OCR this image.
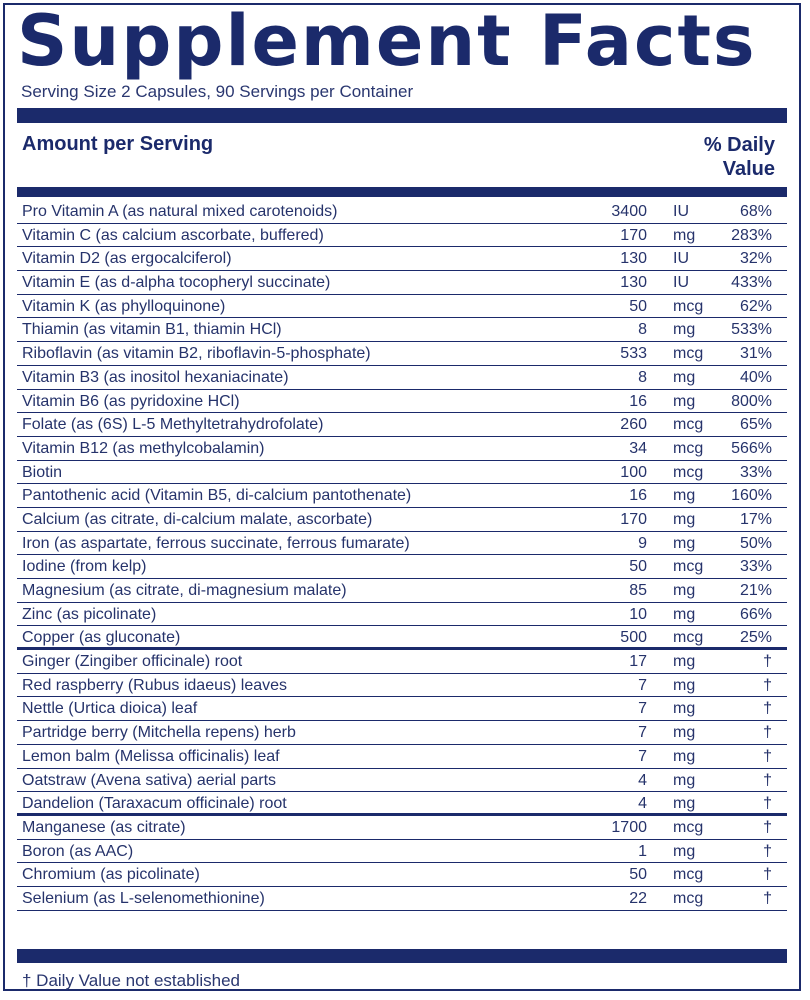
Supplement Facts
Serving Size 2 Capsules, 90 Servings per Container
Amount per Serving	% Daily
Value
Pro Vitamin A (as natural mixed carotenoids)	3400 IU	68%
Vitamin C (as calcium ascorbate, buffered)	170 mg 283%
Vitamin D2 (as ergocalciferol)	130 IU	32%
Vitamin E (as d-alpha tocopheryl succinate)	130 IU	433%
Vitamin K (as phylloquinone)	50 mcg 62%
Thiamin (as vitamin B1, thiamin HCl)	8 mg 533%
Riboflavin (as vitamin B2, riboflavin-5-phosphate)	533 mcg 31%
Vitamin B3 (as inositol hexaniacinate)	8 mg	40%
Vitamin B6 (as pyridoxine HCl)	16 mg 800%
Folate (as (6S) L-5 Methyltetrahydrofolate)	260 mcg 65%
Vitamin B12 (as methylcobalamin)	34 mcg 566%
Biotin	100 mcg 33%
Pantothenic acid (Vitamin B5, di-calcium pantothenate)	16 mg 160%
Calcium (as citrate, di-calcium malate, ascorbate)	170 mg	17%
Iron (as aspartate, ferrous succinate, ferrous fumarate)	9 mg	50%
Iodine (from kelp)	50 mcg 33%
Magnesium (as citrate, di-magnesium malate)	85 mg	21%
Zinc (as picolinate)	10 mg	66%
Copper (as gluconate)	500 mcg 25%
Ginger (Zingiber officinale) root	17 mg	†
Red raspberry (Rubus idaeus) leaves	7 mg	†
Nettle (Urtica dioica) leaf	7 mg	†
Partridge berry (Mitchella repens) herb	7 mg	†
Lemon balm (Melissa officinalis) leaf	7 mg	†
Oatstraw (Avena sativa) aerial parts	4 mg	†
Dandelion (Taraxacum officinale) root	4 mg	†
Manganese (as citrate)	1700 mcg	†
Boron (as AAC)	1 mg	†
Chromium (as picolinate)	50 mcg	†
Selenium (as L-selenomethionine)	22 mcg	†
† Daily Value not established
